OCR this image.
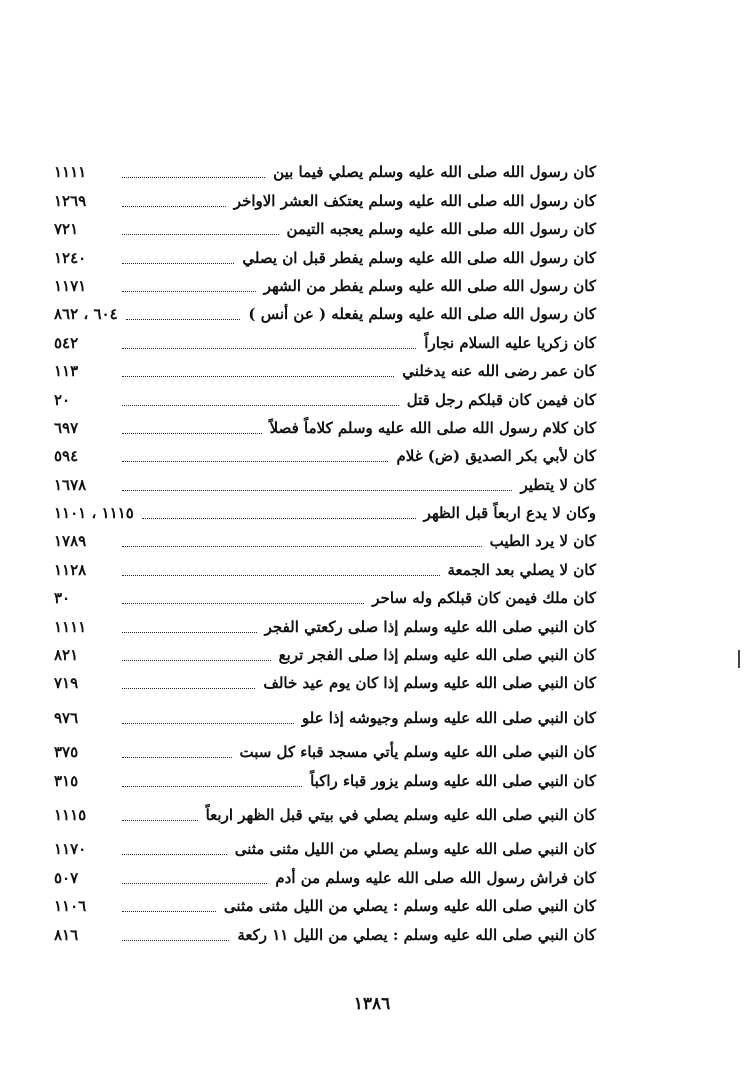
كان رسول الله صلى الله عليه وسلم يصلي فيما بين
١١١١
كان رسول الله صلى الله عليه وسلم يعتكف العشر الاواخر
١٢٦٩
كان رسول الله صلى الله عليه وسلم يعجبه التيمن
٧٢١
كان رسول الله صلى الله عليه وسلم يفطر قبل ان يصلي
١٢٤٠
كان رسول الله صلى الله عليه وسلم يفطر من الشهر
١١٧١
كان رسول الله صلى الله عليه وسلم يفعله ( عن أنس )
٦٠٤ ، ٨٦٢
كان زكريا عليه السلام نجاراً
٥٤٢
كان عمر رضى الله عنه يدخلني
١١٣
كان فيمن كان قبلكم رجل قتل
٢٠
كان كلام رسول الله صلى الله عليه وسلم كلاماً فصلاً
٦٩٧
كان لأبي بكر الصديق (ض) غلام
٥٩٤
كان لا يتطير
١٦٧٨
وكان لا يدع اربعاً قبل الظهر
١١١٥ ، ١١٠١
كان لا يرد الطيب
١٧٨٩
كان لا يصلي بعد الجمعة
١١٢٨
كان ملك فيمن كان قبلكم وله ساحر
٣٠
كان النبي صلى الله عليه وسلم إذا صلى ركعتي الفجر
١١١١
كان النبي صلى الله عليه وسلم إذا صلى الفجر تربع
٨٢١
كان النبي صلى الله عليه وسلم إذا كان يوم عيد خالف
٧١٩
كان النبي صلى الله عليه وسلم وجيوشه إذا علو
٩٧٦
كان النبي صلى الله عليه وسلم يأتي مسجد قباء كل سبت
٣٧٥
كان النبي صلى الله عليه وسلم يزور قباء راكباً
٣١٥
كان النبي صلى الله عليه وسلم يصلي في بيتي قبل الظهر اربعاً
١١١٥
كان النبي صلى الله عليه وسلم يصلي من الليل مثنى مثنى
١١٧٠
كان فراش رسول الله صلى الله عليه وسلم من أدم
٥٠٧
كان النبي صلى الله عليه وسلم : يصلي من الليل مثنى مثنى
١١٠٦
كان النبي صلى الله عليه وسلم : يصلي من الليل ١١ ركعة
٨١٦
١٣٨٦
